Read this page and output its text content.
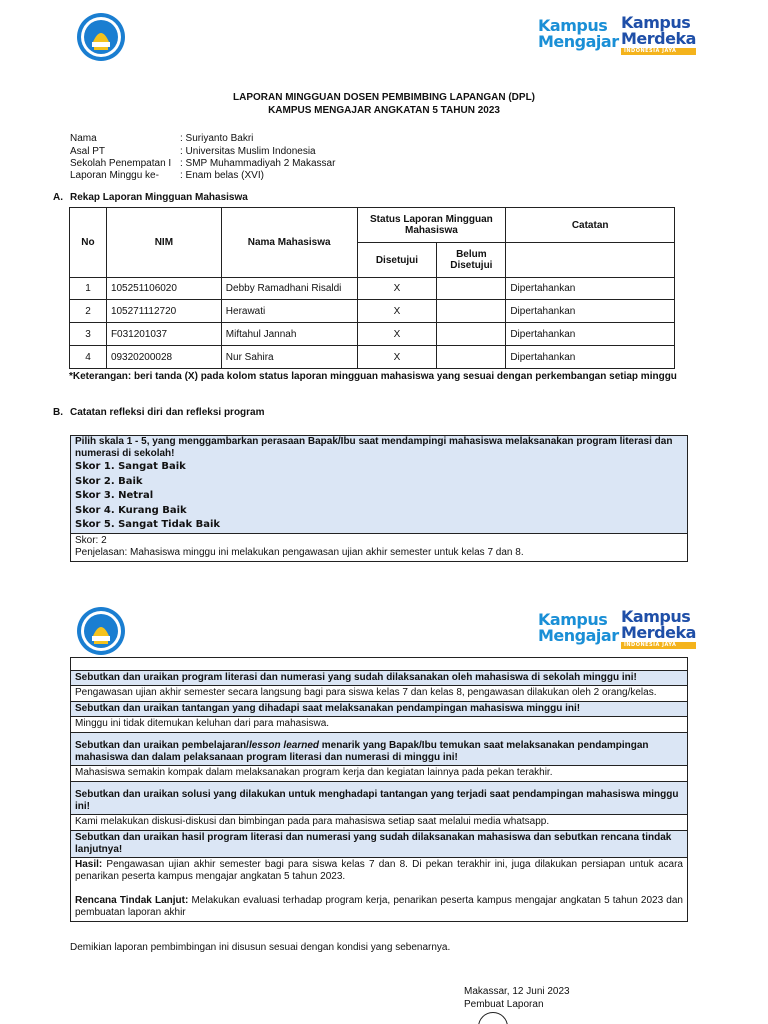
Kampus
Mengajar
Kampus
Merdeka
INDONESIA JAYA
LAPORAN MINGGUAN DOSEN PEMBIMBING LAPANGAN (DPL)
KAMPUS MENGAJAR ANGKATAN 5 TAHUN 2023
Nama	: Suriyanto Bakri
Asal PT	: Universitas Muslim Indonesia
Sekolah Penempatan I : SMP Muhammadiyah 2 Makassar
Laporan Minggu ke- : Enam belas (XVI)
A. Rekap Laporan Mingguan Mahasiswa
No	NIM	Nama Mahasiswa	Status Laporan Mingguan Mahasiswa		Catatan
			Disetujui	Belum Disetujui	
1	105251106020	Debby Ramadhani Risaldi	X		Dipertahankan
2	105271112720	Herawati	X		Dipertahankan
3	F031201037	Miftahul Jannah	X		Dipertahankan
4	09320200028	Nur Sahira	X		Dipertahankan
*Keterangan: beri tanda (X) pada kolom status laporan mingguan mahasiswa yang sesuai dengan perkembangan setiap minggu
B. Catatan refleksi diri dan refleksi program
Pilih skala 1 - 5, yang menggambarkan perasaan Bapak/Ibu saat mendampingi mahasiswa melaksanakan program literasi dan numerasi di sekolah!
Skor 1. Sangat Baik
Skor 2. Baik
Skor 3. Netral
Skor 4. Kurang Baik
Skor 5. Sangat Tidak Baik
Skor: 2
Penjelasan: Mahasiswa minggu ini melakukan pengawasan ujian akhir semester untuk kelas 7 dan 8.
Kampus
Mengajar
Kampus
Merdeka
INDONESIA JAYA
Sebutkan dan uraikan program literasi dan numerasi yang sudah dilaksanakan oleh mahasiswa di sekolah minggu ini!
Pengawasan ujian akhir semester secara langsung bagi para siswa kelas 7 dan kelas 8, pengawasan dilakukan oleh 2 orang/kelas.
Sebutkan dan uraikan tantangan yang dihadapi saat melaksanakan pendampingan mahasiswa minggu ini!
Minggu ini tidak ditemukan keluhan dari para mahasiswa.
Sebutkan dan uraikan pembelajaran/lesson learned menarik yang Bapak/Ibu temukan saat melaksanakan pendampingan mahasiswa dan dalam pelaksanaan program literasi dan numerasi di minggu ini!
Mahasiswa semakin kompak dalam melaksanakan program kerja dan kegiatan lainnya pada pekan terakhir.
Sebutkan dan uraikan solusi yang dilakukan untuk menghadapi tantangan yang terjadi saat pendampingan mahasiswa minggu ini!
Kami melakukan diskusi-diskusi dan bimbingan pada para mahasiswa setiap saat melalui media whatsapp.
Sebutkan dan uraikan hasil program literasi dan numerasi yang sudah dilaksanakan mahasiswa dan sebutkan rencana tindak lanjutnya!
Hasil: Pengawasan ujian akhir semester bagi para siswa kelas 7 dan 8. Di pekan terakhir ini, juga dilakukan persiapan untuk acara penarikan peserta kampus mengajar angkatan 5 tahun 2023.
Rencana Tindak Lanjut: Melakukan evaluasi terhadap program kerja, penarikan peserta kampus mengajar angkatan 5 tahun 2023 dan pembuatan laporan akhir
Demikian laporan pembimbingan ini disusun sesuai dengan kondisi yang sebenarnya.
Makassar, 12 Juni 2023
Pembuat Laporan
